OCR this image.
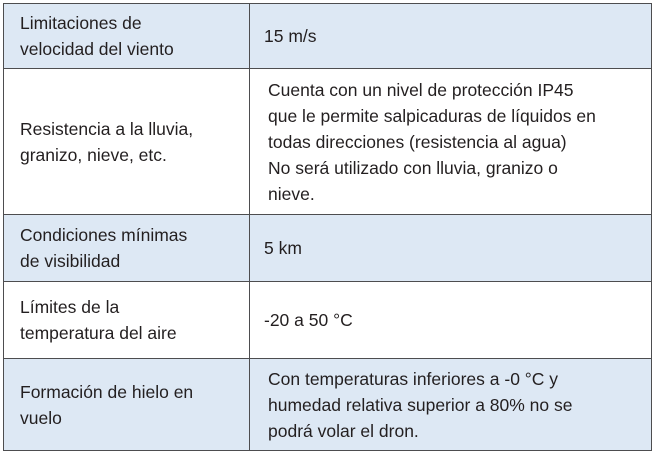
Limitaciones de
velocidad del viento	15 m/s

Resistencia a la lluvia,
granizo, nieve, etc.	Cuenta con un nivel de protección IP45
que le permite salpicaduras de líquidos en
todas direcciones (resistencia al agua)
No será utilizado con lluvia, granizo o
nieve.

Condiciones mínimas
de visibilidad	5 km

Límites de la
temperatura del aire	-20 a 50 °C

Formación de hielo en
vuelo	Con temperaturas inferiores a -0 °C y
humedad relativa superior a 80% no se
podrá volar el dron.
